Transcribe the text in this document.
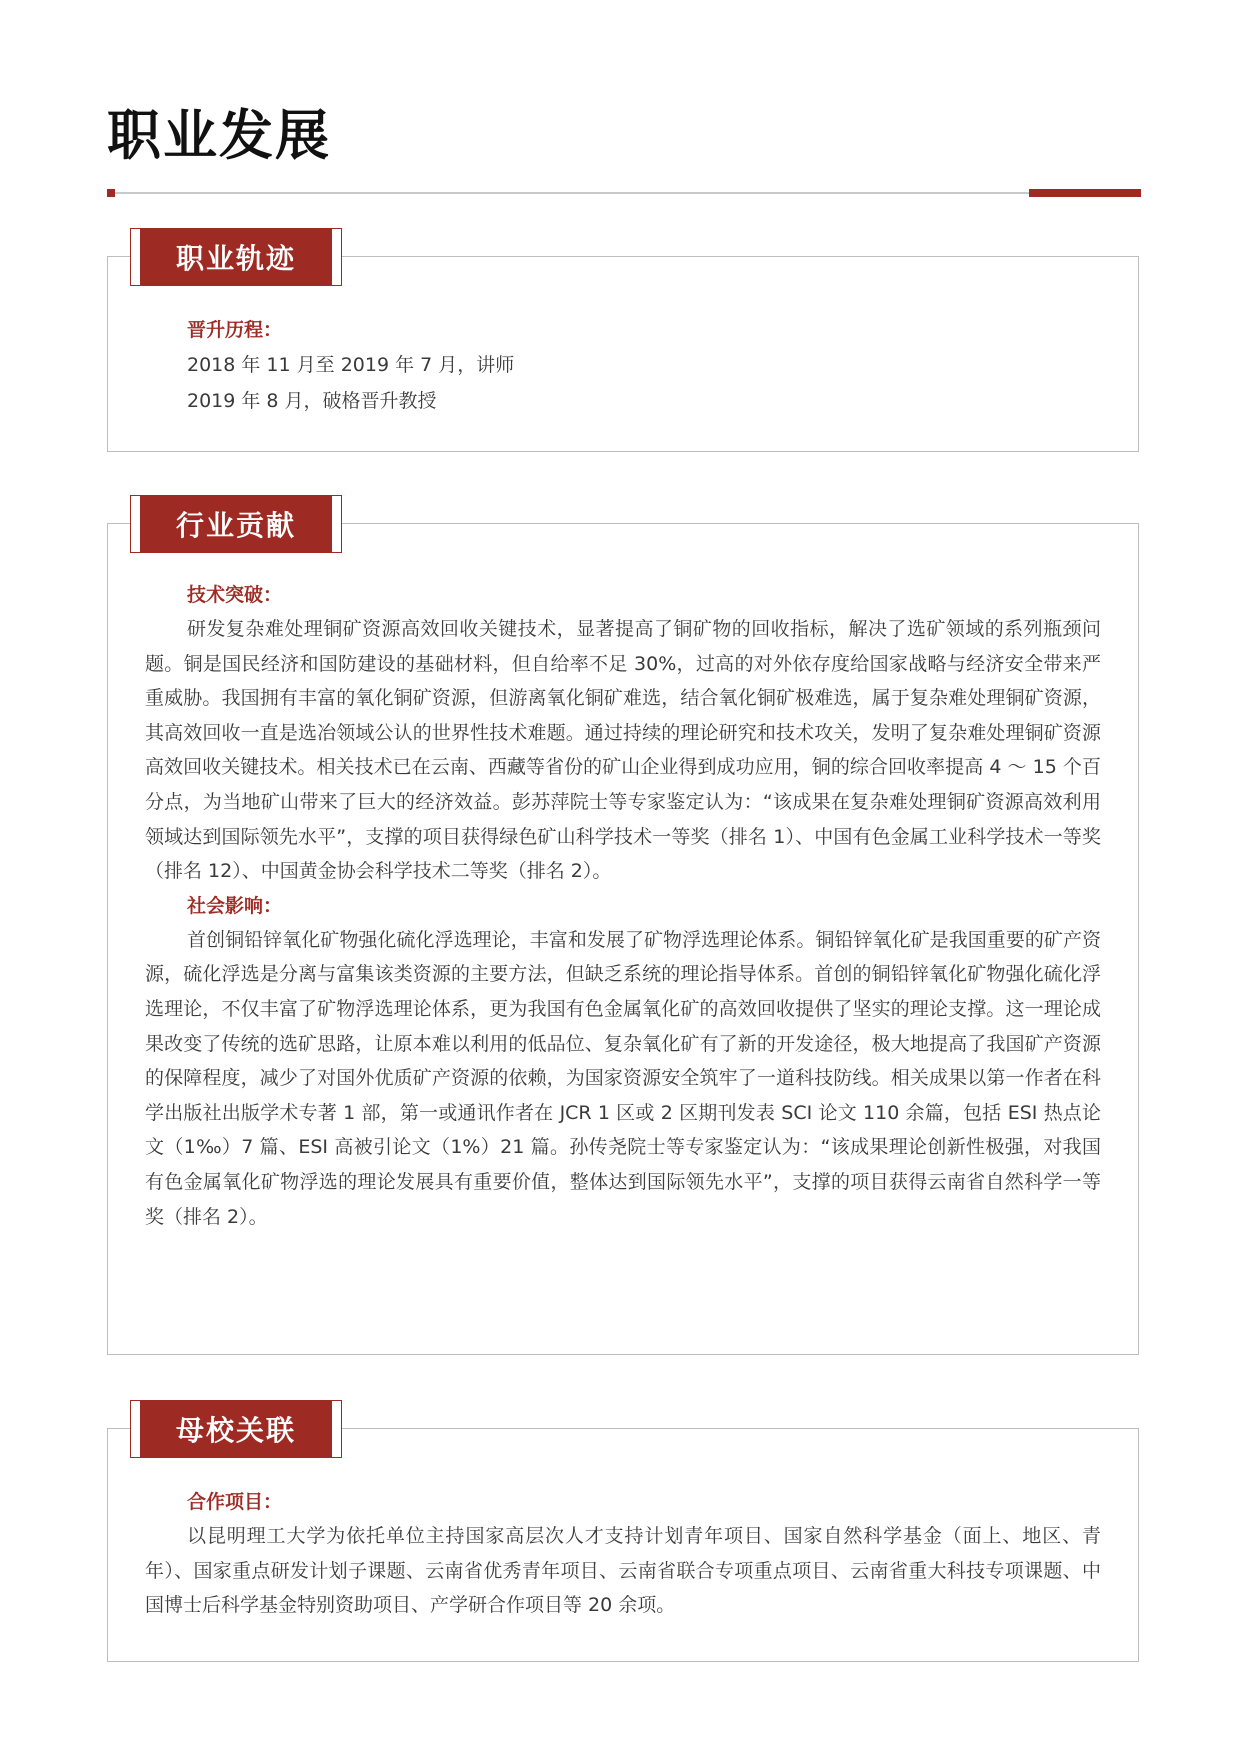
职业发展
职业轨迹

晋升历程：

2018 年 11 月至 2019 年 7 月，讲师

2019 年 8 月，破格晋升教授

行业贡献

技术突破：

研发复杂难处理铜矿资源高效回收关键技术，显著提高了铜矿物的回收指标，解决了选矿领域的系列瓶颈问题。铜是国民经济和国防建设的基础材料，但自给率不足 30%，过高的对外依存度给国家战略与经济安全带来严重威胁。我国拥有丰富的氧化铜矿资源，但游离氧化铜矿难选，结合氧化铜矿极难选，属于复杂难处理铜矿资源，其高效回收一直是选冶领域公认的世界性技术难题。通过持续的理论研究和技术攻关，发明了复杂难处理铜矿资源高效回收关键技术。相关技术已在云南、西藏等省份的矿山企业得到成功应用，铜的综合回收率提高 4 ～ 15 个百分点，为当地矿山带来了巨大的经济效益。彭苏萍院士等专家鉴定认为：“该成果在复杂难处理铜矿资源高效利用领域达到国际领先水平”，支撑的项目获得绿色矿山科学技术一等奖（排名 1）、中国有色金属工业科学技术一等奖（排名 12）、中国黄金协会科学技术二等奖（排名 2）。

社会影响：

首创铜铅锌氧化矿物强化硫化浮选理论，丰富和发展了矿物浮选理论体系。铜铅锌氧化矿是我国重要的矿产资源，硫化浮选是分离与富集该类资源的主要方法，但缺乏系统的理论指导体系。首创的铜铅锌氧化矿物强化硫化浮选理论，不仅丰富了矿物浮选理论体系，更为我国有色金属氧化矿的高效回收提供了坚实的理论支撑。这一理论成果改变了传统的选矿思路，让原本难以利用的低品位、复杂氧化矿有了新的开发途径，极大地提高了我国矿产资源的保障程度，减少了对国外优质矿产资源的依赖，为国家资源安全筑牢了一道科技防线。相关成果以第一作者在科学出版社出版学术专著 1 部，第一或通讯作者在 JCR 1 区或 2 区期刊发表 SCI 论文 110 余篇，包括 ESI 热点论文（1‰）7 篇、ESI 高被引论文（1%）21 篇。孙传尧院士等专家鉴定认为：“该成果理论创新性极强，对我国有色金属氧化矿物浮选的理论发展具有重要价值，整体达到国际领先水平”，支撑的项目获得云南省自然科学一等奖（排名 2）。

母校关联

合作项目：

以昆明理工大学为依托单位主持国家高层次人才支持计划青年项目、国家自然科学基金（面上、地区、青年）、国家重点研发计划子课题、云南省优秀青年项目、云南省联合专项重点项目、云南省重大科技专项课题、中国博士后科学基金特别资助项目、产学研合作项目等 20 余项。
